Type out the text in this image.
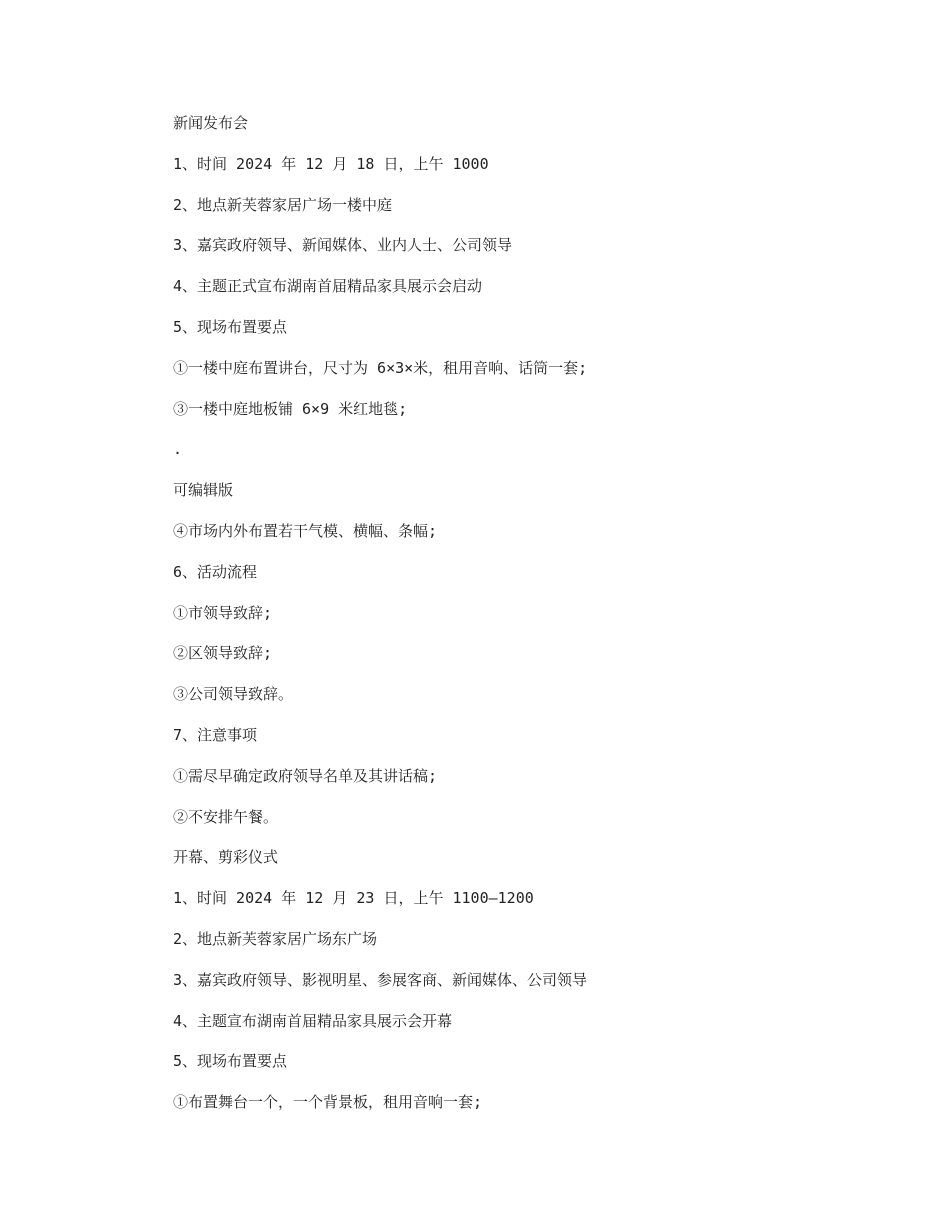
新闻发布会
1、时间 2024 年 12 月 18 日，上午 1000
2、地点新芙蓉家居广场一楼中庭
3、嘉宾政府领导、新闻媒体、业内人士、公司领导
4、主题正式宣布湖南首届精品家具展示会启动
5、现场布置要点
①一楼中庭布置讲台，尺寸为 6×3×米，租用音响、话筒一套;
③一楼中庭地板铺 6×9 米红地毯;
.
可编辑版
④市场内外布置若干气模、横幅、条幅;
6、活动流程
①市领导致辞;
②区领导致辞;
③公司领导致辞。
7、注意事项
①需尽早确定政府领导名单及其讲话稿;
②不安排午餐。
开幕、剪彩仪式
1、时间 2024 年 12 月 23 日，上午 1100—1200
2、地点新芙蓉家居广场东广场
3、嘉宾政府领导、影视明星、参展客商、新闻媒体、公司领导
4、主题宣布湖南首届精品家具展示会开幕
5、现场布置要点
①布置舞台一个，一个背景板，租用音响一套;
